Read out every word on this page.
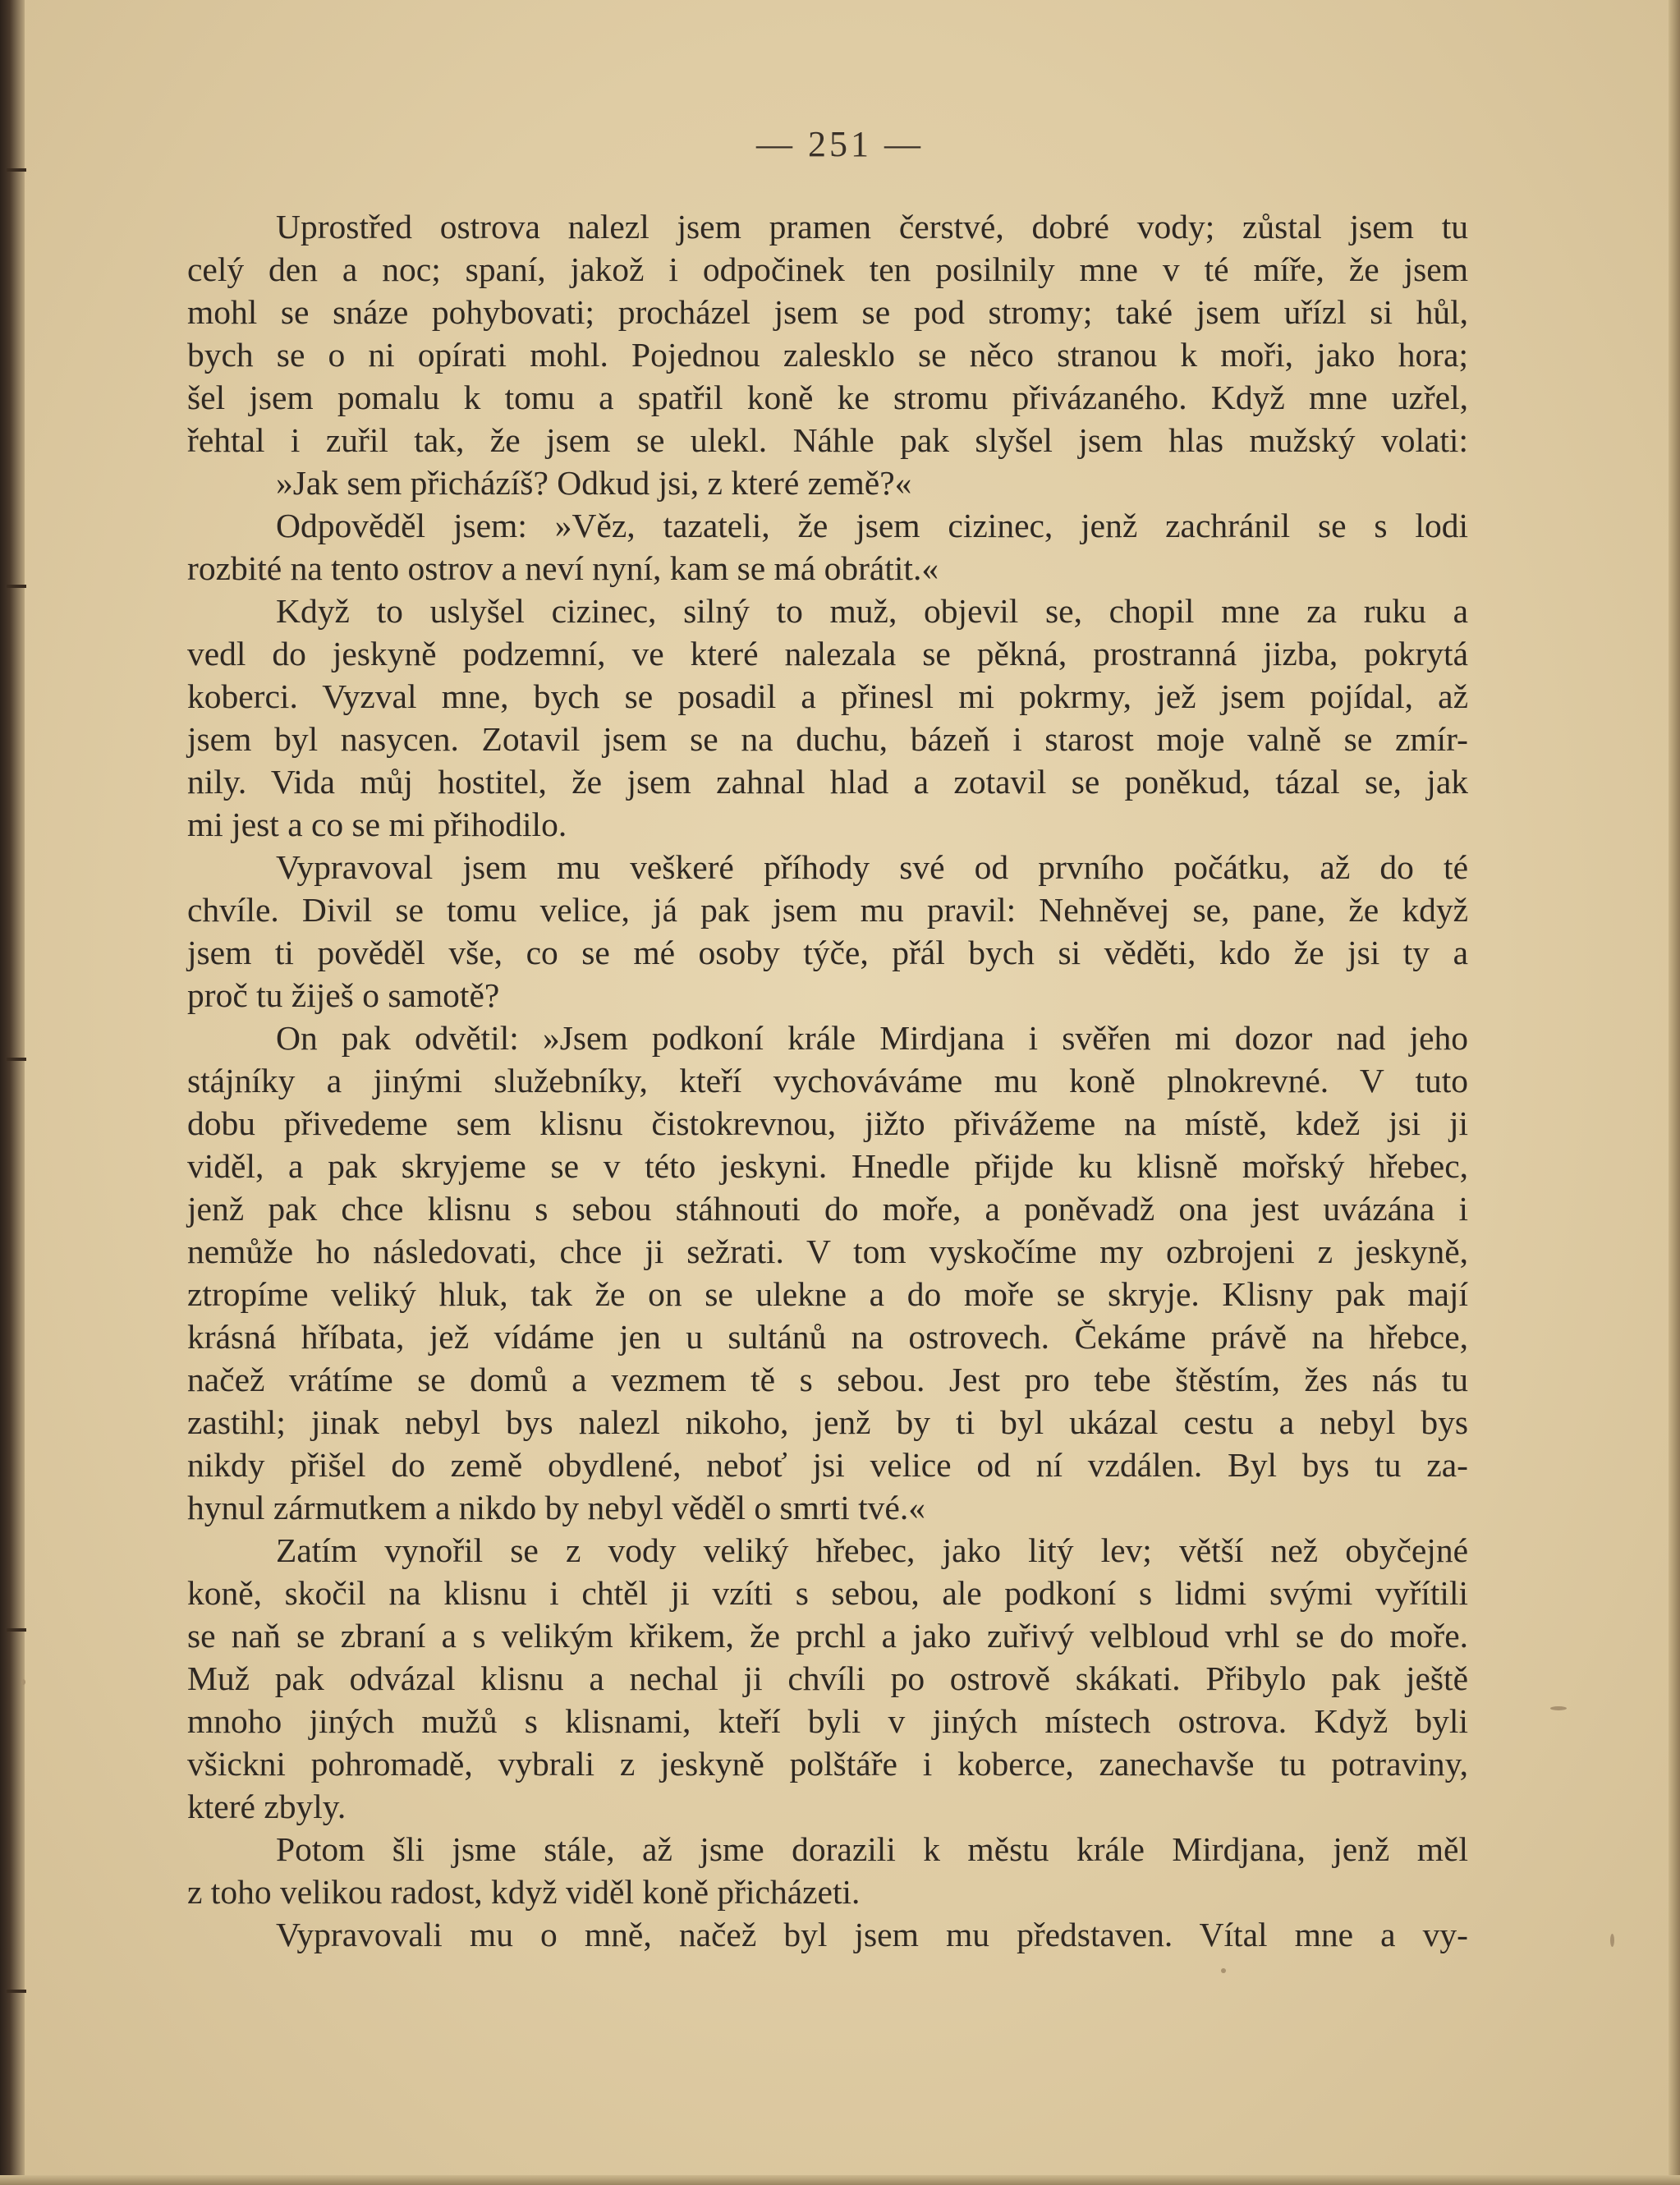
— 251 —
Uprostřed ostrova nalezl jsem pramen čerstvé, dobré vody; zůstal jsem tu
celý den a noc; spaní, jakož i odpočinek ten posilnily mne v té míře, že jsem
mohl se snáze pohybovati; procházel jsem se pod stromy; také jsem uřízl si hůl,
bych se o ni opírati mohl. Pojednou zalesklo se něco stranou k moři, jako hora;
šel jsem pomalu k tomu a spatřil koně ke stromu přivázaného. Když mne uzřel,
řehtal i zuřil tak, že jsem se ulekl. Náhle pak slyšel jsem hlas mužský volati:
»Jak sem přicházíš? Odkud jsi, z které země?«
Odpověděl jsem: »Věz, tazateli, že jsem cizinec, jenž zachránil se s lodi
rozbité na tento ostrov a neví nyní, kam se má obrátit.«
Když to uslyšel cizinec, silný to muž, objevil se, chopil mne za ruku a
vedl do jeskyně podzemní, ve které nalezala se pěkná, prostranná jizba, pokrytá
koberci. Vyzval mne, bych se posadil a přinesl mi pokrmy, jež jsem pojídal, až
jsem byl nasycen. Zotavil jsem se na duchu, bázeň i starost moje valně se zmír-
nily. Vida můj hostitel, že jsem zahnal hlad a zotavil se poněkud, tázal se, jak
mi jest a co se mi přihodilo.
Vypravoval jsem mu veškeré příhody své od prvního počátku, až do té
chvíle. Divil se tomu velice, já pak jsem mu pravil: Nehněvej se, pane, že když
jsem ti pověděl vše, co se mé osoby týče, přál bych si věděti, kdo že jsi ty a
proč tu žiješ o samotě?
On pak odvětil: »Jsem podkoní krále Mirdjana i svěřen mi dozor nad jeho
stájníky a jinými služebníky, kteří vychováváme mu koně plnokrevné. V tuto
dobu přivedeme sem klisnu čistokrevnou, jižto přivážeme na místě, kdež jsi ji
viděl, a pak skryjeme se v této jeskyni. Hnedle přijde ku klisně mořský hřebec,
jenž pak chce klisnu s sebou stáhnouti do moře, a poněvadž ona jest uvázána i
nemůže ho následovati, chce ji sežrati. V tom vyskočíme my ozbrojeni z jeskyně,
ztropíme veliký hluk, tak že on se ulekne a do moře se skryje. Klisny pak mají
krásná hříbata, jež vídáme jen u sultánů na ostrovech. Čekáme právě na hřebce,
načež vrátíme se domů a vezmem tě s sebou. Jest pro tebe štěstím, žes nás tu
zastihl; jinak nebyl bys nalezl nikoho, jenž by ti byl ukázal cestu a nebyl bys
nikdy přišel do země obydlené, neboť jsi velice od ní vzdálen. Byl bys tu za-
hynul zármutkem a nikdo by nebyl věděl o smrti tvé.«
Zatím vynořil se z vody veliký hřebec, jako litý lev; větší než obyčejné
koně, skočil na klisnu i chtěl ji vzíti s sebou, ale podkoní s lidmi svými vyřítili
se naň se zbraní a s velikým křikem, že prchl a jako zuřivý velbloud vrhl se do moře.
Muž pak odvázal klisnu a nechal ji chvíli po ostrově skákati. Přibylo pak ještě
mnoho jiných mužů s klisnami, kteří byli v jiných místech ostrova. Když byli
všickni pohromadě, vybrali z jeskyně polštáře i koberce, zanechavše tu potraviny,
které zbyly.
Potom šli jsme stále, až jsme dorazili k městu krále Mirdjana, jenž měl
z toho velikou radost, když viděl koně přicházeti.
Vypravovali mu o mně, načež byl jsem mu představen. Vítal mne a vy-
